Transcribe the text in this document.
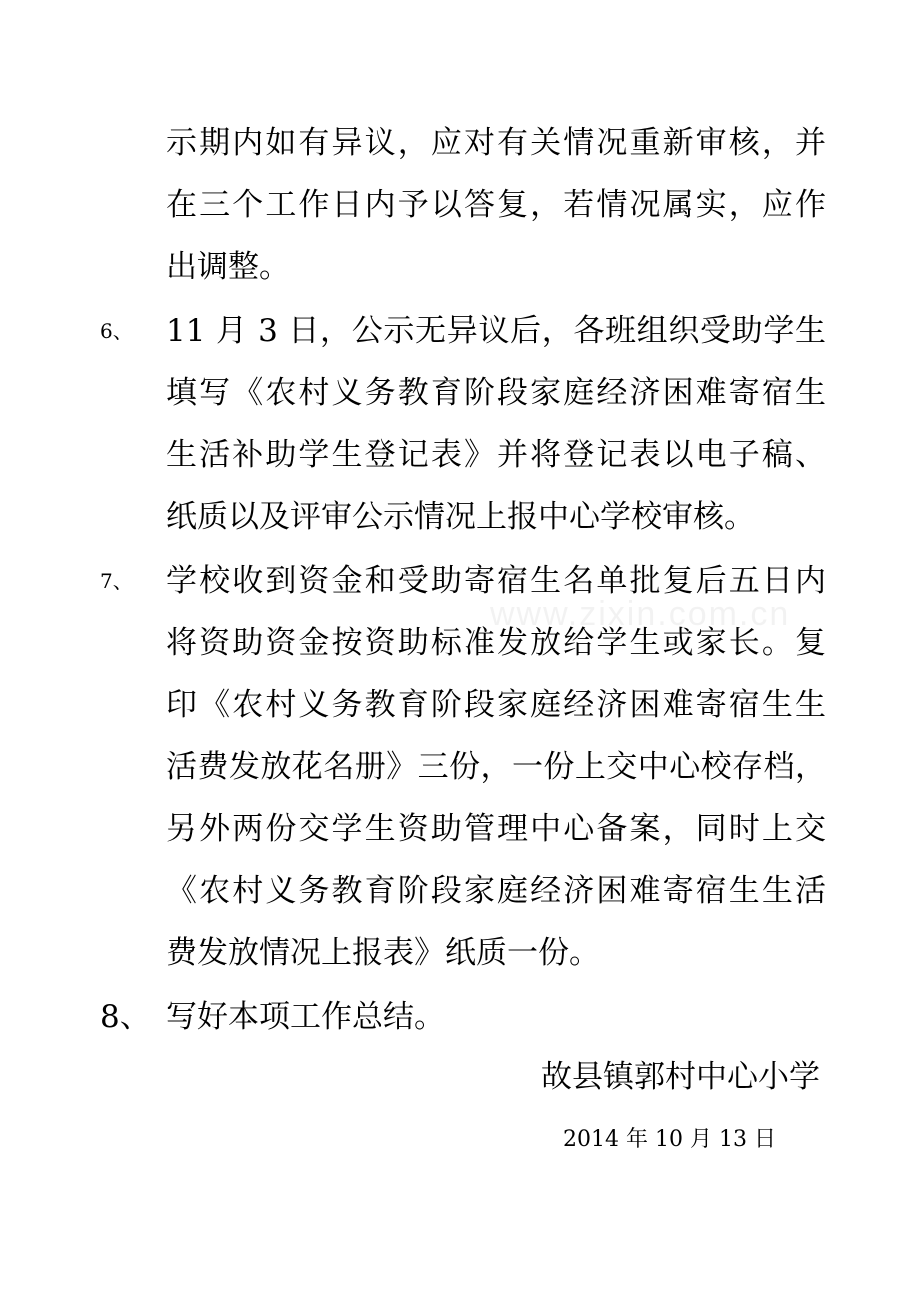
www.zixin.com.cn
示期内如有异议，应对有关情况重新审核，并
在三个工作日内予以答复，若情况属实，应作
出调整。
6、 11 月 3 日，公示无异议后，各班组织受助学生
填写《农村义务教育阶段家庭经济困难寄宿生
生活补助学生登记表》并将登记表以电子稿、
纸质以及评审公示情况上报中心学校审核。
7、 学校收到资金和受助寄宿生名单批复后五日内
将资助资金按资助标准发放给学生或家长。复
印《农村义务教育阶段家庭经济困难寄宿生生
活费发放花名册》三份，一份上交中心校存档，
另外两份交学生资助管理中心备案，同时上交
《农村义务教育阶段家庭经济困难寄宿生生活
费发放情况上报表》纸质一份。
8、 写好本项工作总结。
故县镇郭村中心小学
2014 年 10 月 13 日
